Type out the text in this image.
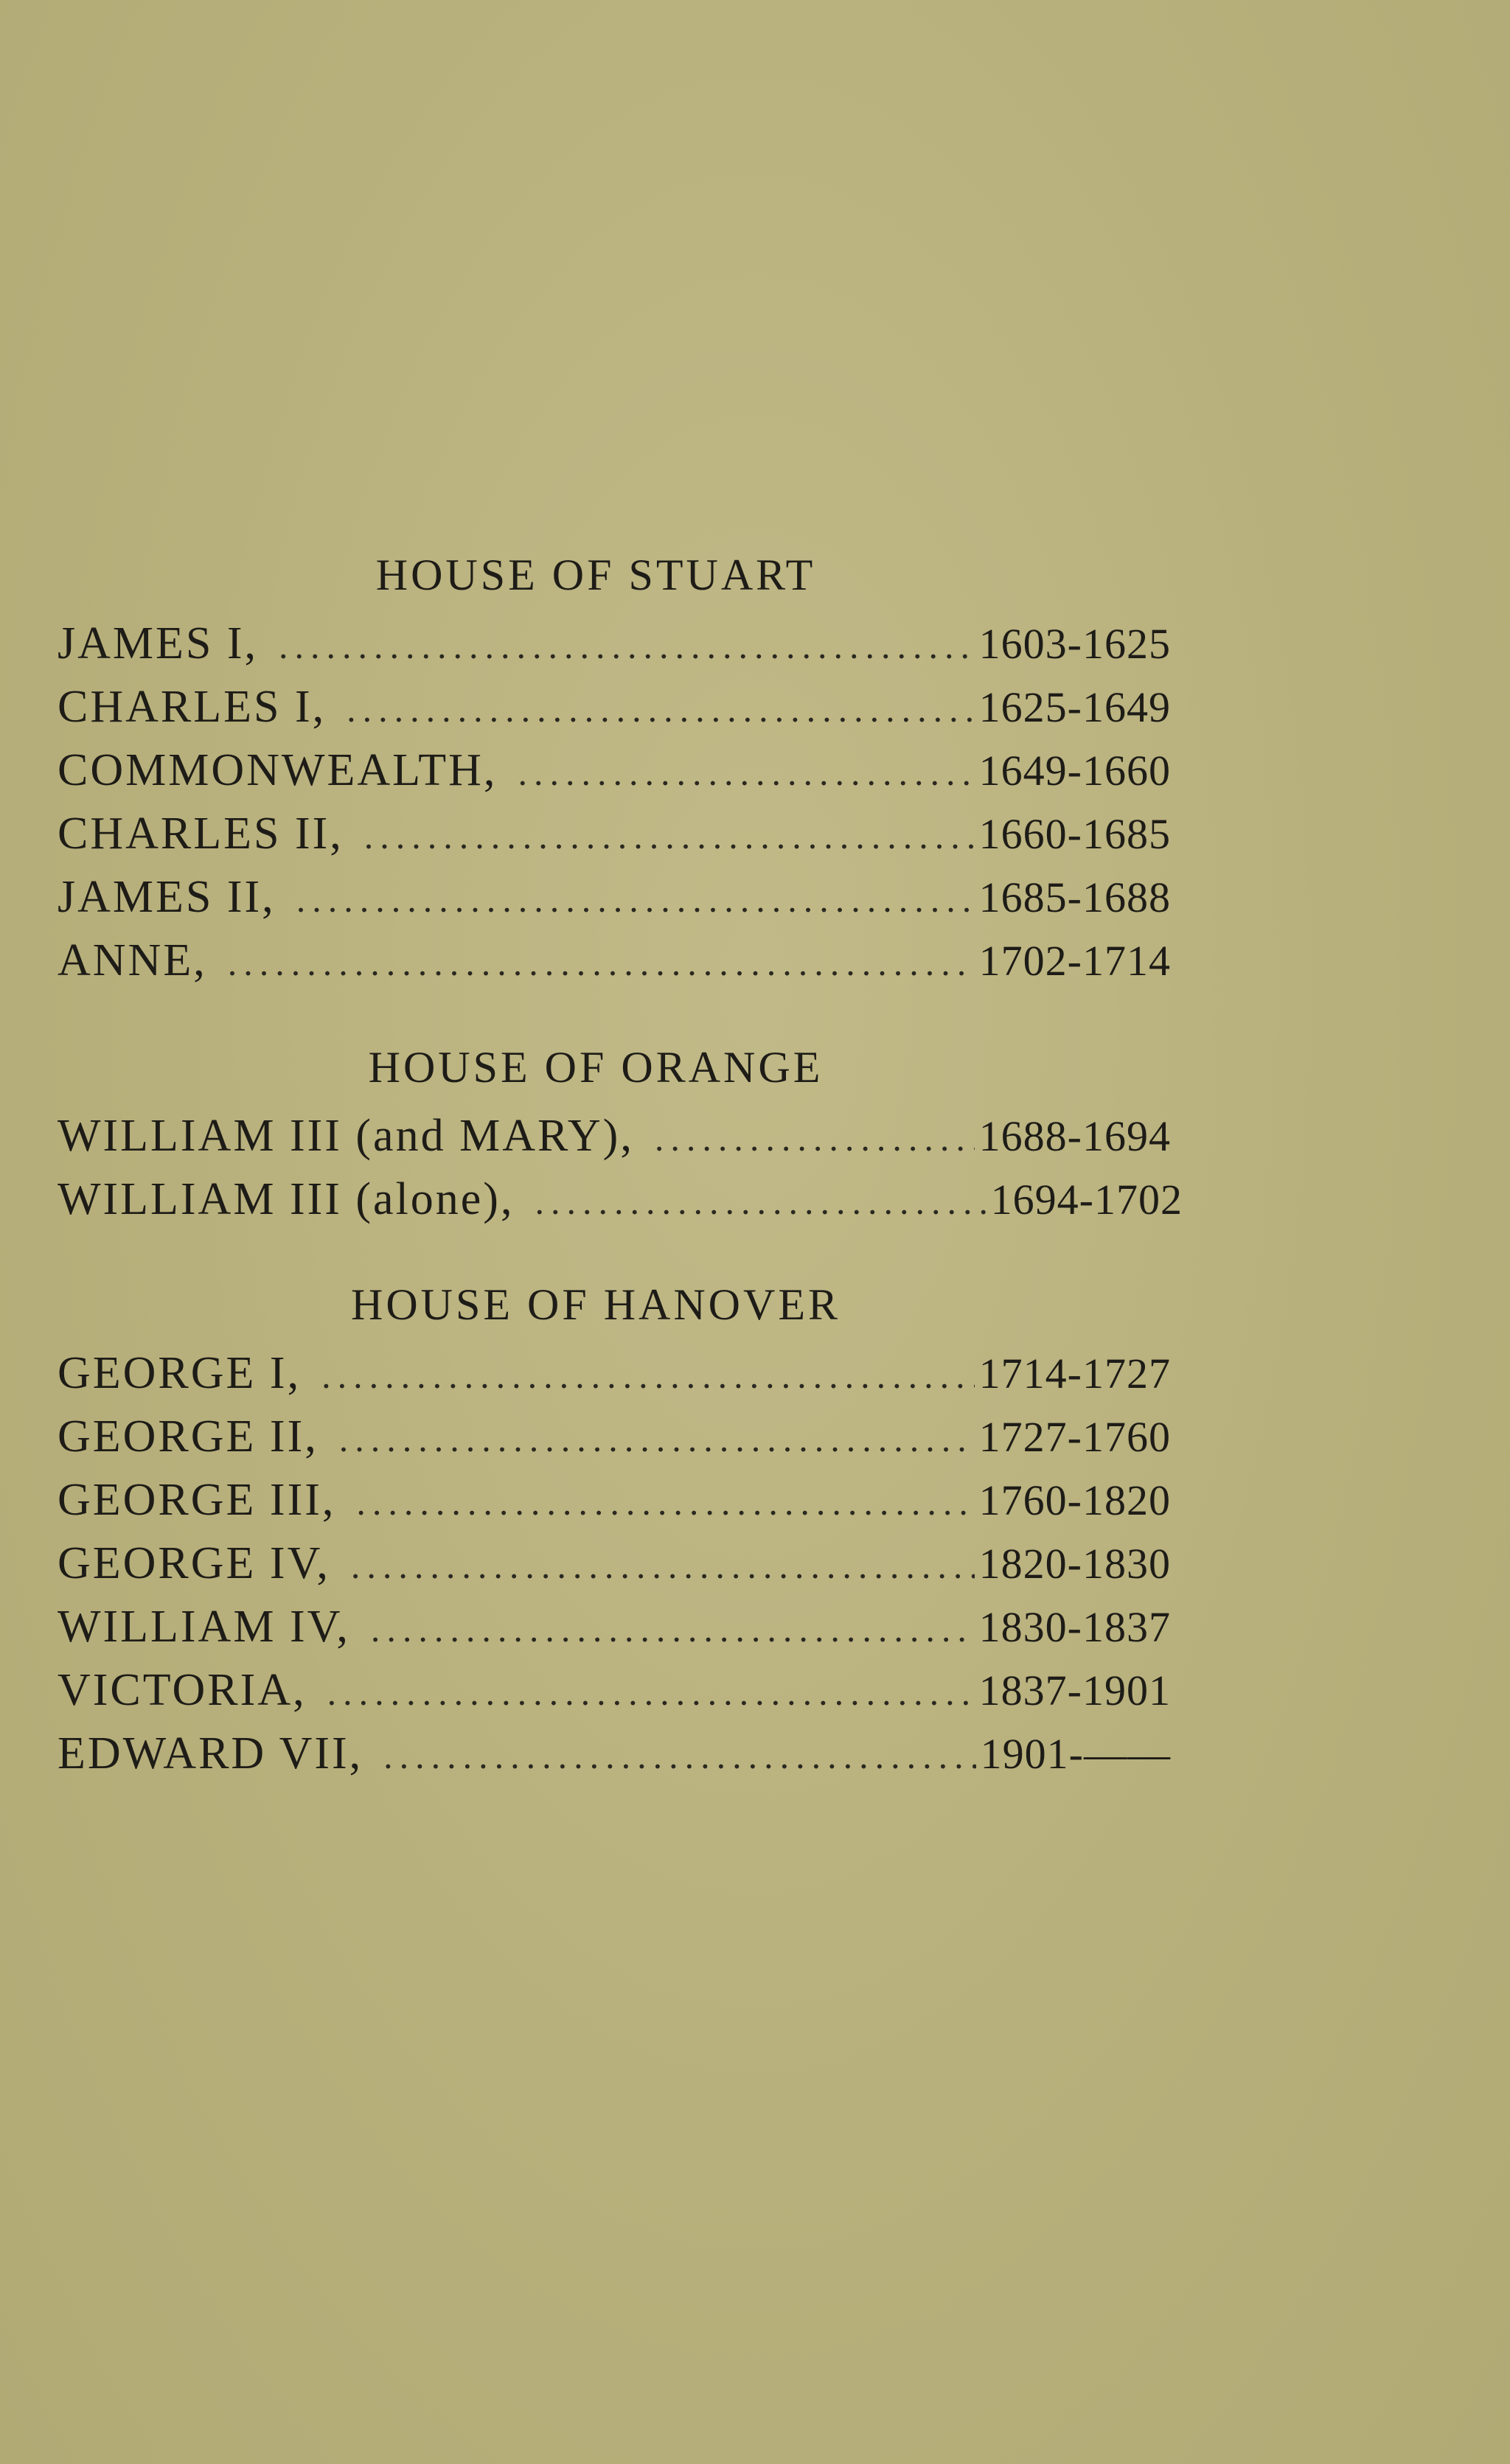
HOUSE OF STUART
JAMES I, .....	1603-1625
CHARLES I, .....	1625-1649
COMMONWEALTH, .....	1649-1660
CHARLES II, .....	1660-1685
JAMES II, .....	1685-1688
ANNE, .....	1702-1714
HOUSE OF ORANGE
WILLIAM III (and MARY), .....	1688-1694
WILLIAM III (alone), .....	1694-1702
HOUSE OF HANOVER
GEORGE I, .....	1714-1727
GEORGE II, .....	1727-1760
GEORGE III, .....	1760-1820
GEORGE IV, .....	1820-1830
WILLIAM IV, .....	1830-1837
VICTORIA, .....	1837-1901
EDWARD VII, .....	1901-——
